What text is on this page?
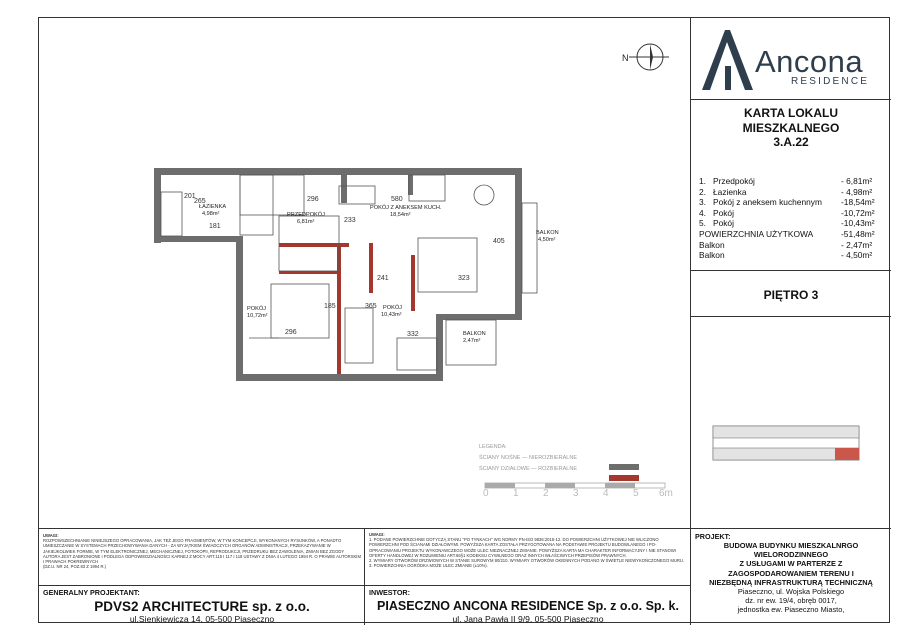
N
ŁAZIENKA
4,98m²	PRZEDPOKÓJ
6,81m²
POKÓJ Z ANEKSEM KUCH.
18,54m²
BALKON
4,50m²
POKÓJ
10,72m²
POKÓJ
10,43m²
BALKON
2,47m²
296	580
233
405
241	323
296
365
332
265
201
181
185
LEGENDA:
ŚCIANY NOŚNE — NIEROZBIERALNE
ŚCIANY DZIAŁOWE — ROZBIERALNE
0 1 2 3 4 5 6m
Ancona
RESIDENCE
KARTA LOKALU
MIESZKALNEGO
3.A.22
1. Przedpokój	- 6,81m²
2. Łazienka	- 4,98m²
3. Pokój z aneksem kuchennym	-18,54m²
4. Pokój	-10,72m²
5. Pokój	-10,43m²
POWIERZCHNIA UŻYTKOWA	-51,48m²
Balkon	- 2,47m²
Balkon	- 4,50m²
PIĘTRO 3
UWAGI:
ROZPOWSZECHNIANIE NINIEJSZEGO OPRACOWANIA, JAK TEŻ JEGO FRAGMENTÓW, W TYM KONCEPCJI, WYKONANYCH RYSUNKÓW, A PONADTO UMIESZCZANIE W SYSTEMACH PRZECHOWYWANIA DANYCH - ZA WYJĄTKIEM ŚWIADCZYCH ORGANÓW ADMINISTRACJI, PRZEKAZYWANIE W JAKIEJKOLWIEK FORMIE, W TYM ELEKTRONICZNEJ, MECHANICZNEJ, FOTOKOPII, REPRODUKCJI, PRZEDRUKU BEZ ZAWOLENIA, ZMIAN BEZ ZGODY AUTORA JEST ZABRONIONE I PODLEGA ODPOWIEDZIALNOŚCI KARNEJ Z MOCY ART.115 I 117 I 118 USTAWY Z DNIA 4 LUTEGO 1994 R. O PRAWIE AUTORSKIM I PRAWACH POKREWNYCH
(DZ.U. NR 24, POZ.83 Z 1994 R.)
GENERALNY PROJEKTANT:
PDVS2 ARCHITECTURE sp. z o.o.
ul.Sienkiewicza 14, 05-500 Piaseczno
UWAGI:
1. PODANE POWIERZCHNIE DOTYCZĄ STANU "PO TYNKACH" WG NORMY PN-ISO 9836:2015-12. DO POWIERZCHNI UŻYTKOWEJ NIE WLICZONO POWIERZCHNI POD ŚCIANAMI DZIAŁOWYMI. POWYŻSZA KARTA ZOSTAŁA PRZYGOTOWANA NA PODSTAWIE PROJEKTU BUDOWLANEGO I PO-OPRACOWANIU PROJEKTU WYKONAWCZEGO MOŻE ULEC NIEZNACZNEJ ZMIANIE. POWYŻSZA KARTA MA CHARAKTER INFORMACYJNY I NIE STANOWI OFERTY HANDLOWEJ W ROZUMIENIU ART.66§1 KODEKSU CYWILNEGO ORAZ INNYCH WŁAŚCIWYCH PRZEPISÓW PRAWNYCH.
2. WYMIARY OTWORÓW DRZWIOWYCH W STANIE SUROWYM 90/210. WYMIARY OTWORÓW OKIENNYCH PODANO W ŚWIETLE NIEWYKOŃCZONEGO MURU.
3. POWIERZCHNIA OGRÓDKA MOŻE ULEC ZMIANIE (±10%).
INWESTOR:
PIASECZNO ANCONA RESIDENCE Sp. z o.o. Sp. k.
ul. Jana Pawła II 9/9, 05-500 Piaseczno
PROJEKT:
BUDOWA BUDYNKU MIESZKALNRGO
WIELORODZINNEGO
Z USŁUGAMI W PARTERZE Z
ZAGOSPODAROWANIEM TERENU I
NIEZBĘDNĄ INFRASTRUKTURĄ TECHNICZNĄ
Piaseczno, ul. Wojska Polskiego
dz. nr ew. 19/4, obręb 0017,
jednostka ew. Piaseczno Miasto,
